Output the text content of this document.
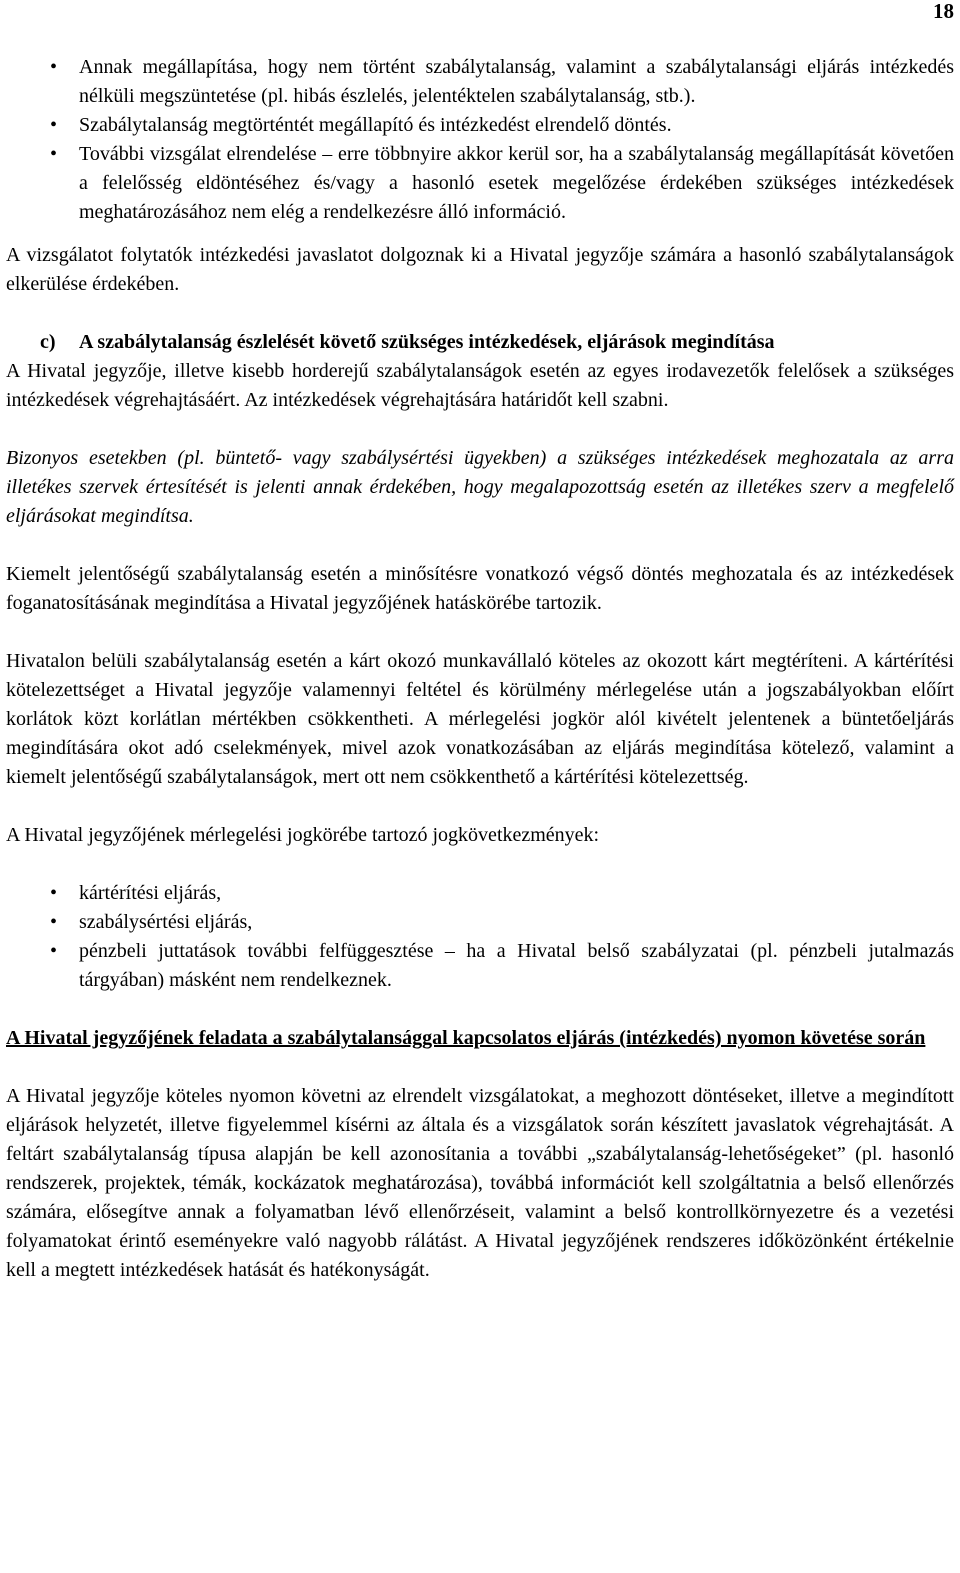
18
• Annak megállapítása, hogy nem történt szabálytalanság, valamint a szabálytalansági eljárás intézkedés nélküli megszüntetése (pl. hibás észlelés, jelentéktelen szabálytalanság, stb.).
• Szabálytalanság megtörténtét megállapító és intézkedést elrendelő döntés.
• További vizsgálat elrendelése – erre többnyire akkor kerül sor, ha a szabálytalanság megállapítását követően a felelősség eldöntéséhez és/vagy a hasonló esetek megelőzése érdekében szükséges intézkedések meghatározásához nem elég a rendelkezésre álló információ.

A vizsgálatot folytatók intézkedési javaslatot dolgoznak ki a Hivatal jegyzője számára a hasonló szabálytalanságok elkerülése érdekében.

c)	A szabálytalanság észlelését követő szükséges intézkedések, eljárások megindítása

A Hivatal jegyzője, illetve kisebb horderejű szabálytalanságok esetén az egyes irodavezetők felelősek a szükséges intézkedések végrehajtásáért. Az intézkedések végrehajtására határidőt kell szabni.

Bizonyos esetekben (pl. büntető- vagy szabálysértési ügyekben) a szükséges intézkedések meghozatala az arra illetékes szervek értesítését is jelenti annak érdekében, hogy megalapozottság esetén az illetékes szerv a megfelelő eljárásokat megindítsa.

Kiemelt jelentőségű szabálytalanság esetén a minősítésre vonatkozó végső döntés meghozatala és az intézkedések foganatosításának megindítása a Hivatal jegyzőjének hatáskörébe tartozik.

Hivatalon belüli szabálytalanság esetén a kárt okozó munkavállaló köteles az okozott kárt megtéríteni. A kártérítési kötelezettséget a Hivatal jegyzője valamennyi feltétel és körülmény mérlegelése után a jogszabályokban előírt korlátok közt korlátlan mértékben csökkentheti. A mérlegelési jogkör alól kivételt jelentenek a büntetőeljárás megindítására okot adó cselekmények, mivel azok vonatkozásában az eljárás megindítása kötelező, valamint a kiemelt jelentőségű szabálytalanságok, mert ott nem csökkenthető a kártérítési kötelezettség.

A Hivatal jegyzőjének mérlegelési jogkörébe tartozó jogkövetkezmények:

• kártérítési eljárás,
• szabálysértési eljárás,
• pénzbeli juttatások további felfüggesztése – ha a Hivatal belső szabályzatai (pl. pénzbeli jutalmazás tárgyában) másként nem rendelkeznek.

A Hivatal jegyzőjének feladata a szabálytalansággal kapcsolatos eljárás (intézkedés) nyomon követése során

A Hivatal jegyzője köteles nyomon követni az elrendelt vizsgálatokat, a meghozott döntéseket, illetve a megindított eljárások helyzetét, illetve figyelemmel kísérni az általa és a vizsgálatok során készített javaslatok végrehajtását. A feltárt szabálytalanság típusa alapján be kell azonosítania a további „szabálytalanság-lehetőségeket” (pl. hasonló rendszerek, projektek, témák, kockázatok meghatározása), továbbá információt kell szolgáltatnia a belső ellenőrzés számára, elősegítve annak a folyamatban lévő ellenőrzéseit, valamint a belső kontrollkörnyezetre és a vezetési folyamatokat érintő eseményekre való nagyobb rálátást. A Hivatal jegyzőjének rendszeres időközönként értékelnie kell a megtett intézkedések hatását és hatékonyságát.
